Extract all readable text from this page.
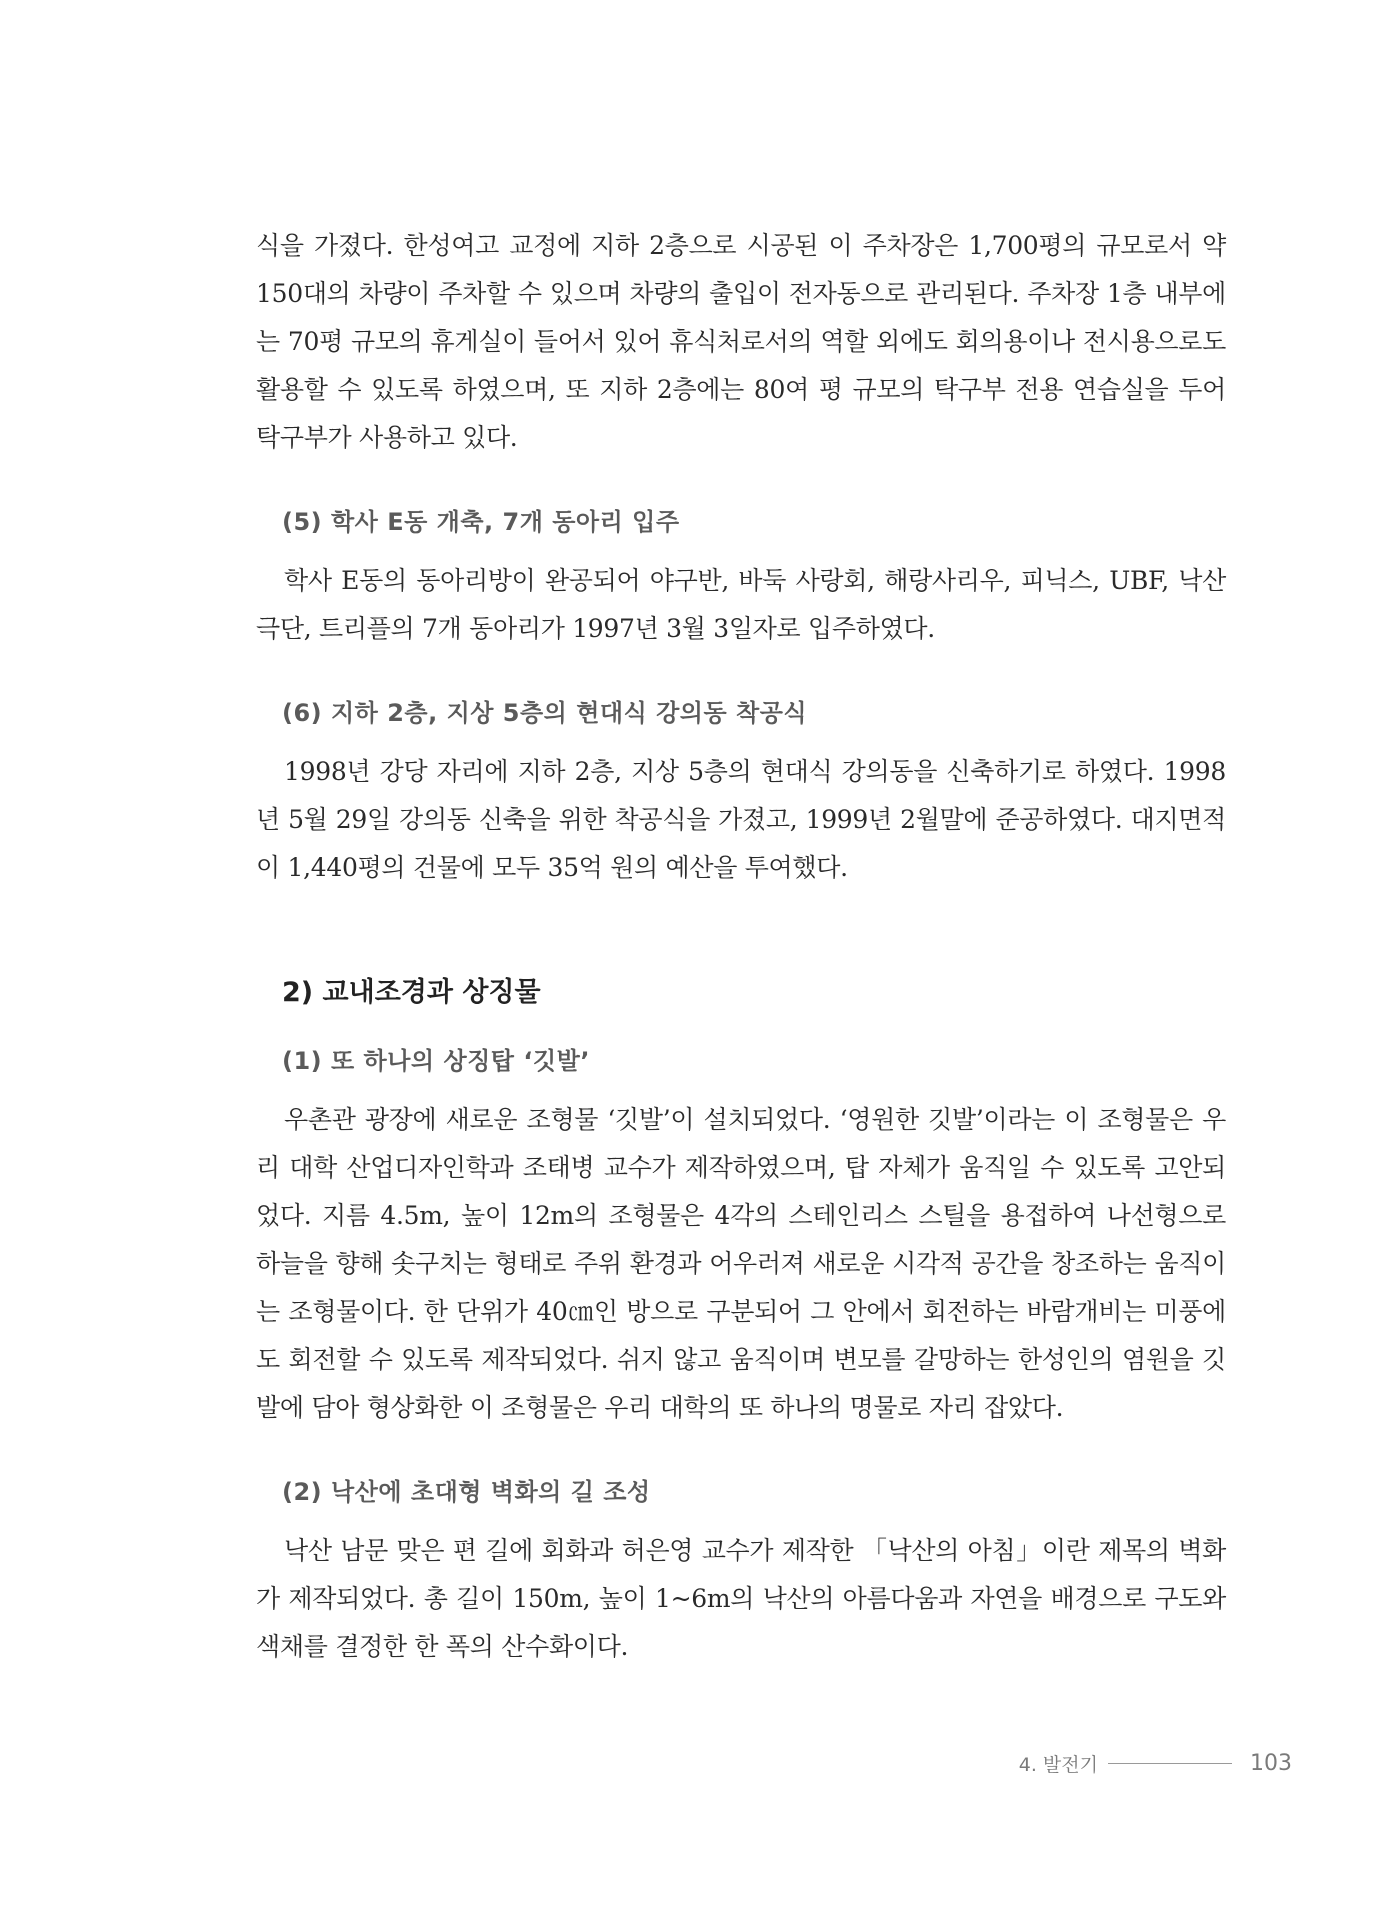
식을 가졌다. 한성여고 교정에 지하 2층으로 시공된 이 주차장은 1,700평의 규모로서 약 150대의 차량이 주차할 수 있으며 차량의 출입이 전자동으로 관리된다. 주차장 1층 내부에는 70평 규모의 휴게실이 들어서 있어 휴식처로서의 역할 외에도 회의용이나 전시용으로도 활용할 수 있도록 하였으며, 또 지하 2층에는 80여 평 규모의 탁구부 전용 연습실을 두어 탁구부가 사용하고 있다.

(5) 학사 E동 개축, 7개 동아리 입주

학사 E동의 동아리방이 완공되어 야구반, 바둑 사랑회, 해랑사리우, 피닉스, UBF, 낙산 극단, 트리플의 7개 동아리가 1997년 3월 3일자로 입주하였다.

(6) 지하 2층, 지상 5층의 현대식 강의동 착공식

1998년 강당 자리에 지하 2층, 지상 5층의 현대식 강의동을 신축하기로 하였다. 1998년 5월 29일 강의동 신축을 위한 착공식을 가졌고, 1999년 2월말에 준공하였다. 대지면적이 1,440평의 건물에 모두 35억 원의 예산을 투여했다.

2) 교내조경과 상징물
(1) 또 하나의 상징탑 ‘깃발’

우촌관 광장에 새로운 조형물 ‘깃발’이 설치되었다. ‘영원한 깃발’이라는 이 조형물은 우리 대학 산업디자인학과 조태병 교수가 제작하였으며, 탑 자체가 움직일 수 있도록 고안되었다. 지름 4.5m, 높이 12m의 조형물은 4각의 스테인리스 스틸을 용접하여 나선형으로 하늘을 향해 솟구치는 형태로 주위 환경과 어우러져 새로운 시각적 공간을 창조하는 움직이는 조형물이다. 한 단위가 40㎝인 방으로 구분되어 그 안에서 회전하는 바람개비는 미풍에도 회전할 수 있도록 제작되었다. 쉬지 않고 움직이며 변모를 갈망하는 한성인의 염원을 깃발에 담아 형상화한 이 조형물은 우리 대학의 또 하나의 명물로 자리 잡았다.

(2) 낙산에 초대형 벽화의 길 조성

낙산 남문 맞은 편 길에 회화과 허은영 교수가 제작한 「낙산의 아침」이란 제목의 벽화가 제작되었다. 총 길이 150m, 높이 1~6m의 낙산의 아름다움과 자연을 배경으로 구도와 색채를 결정한 한 폭의 산수화이다.

4. 발전기	103
